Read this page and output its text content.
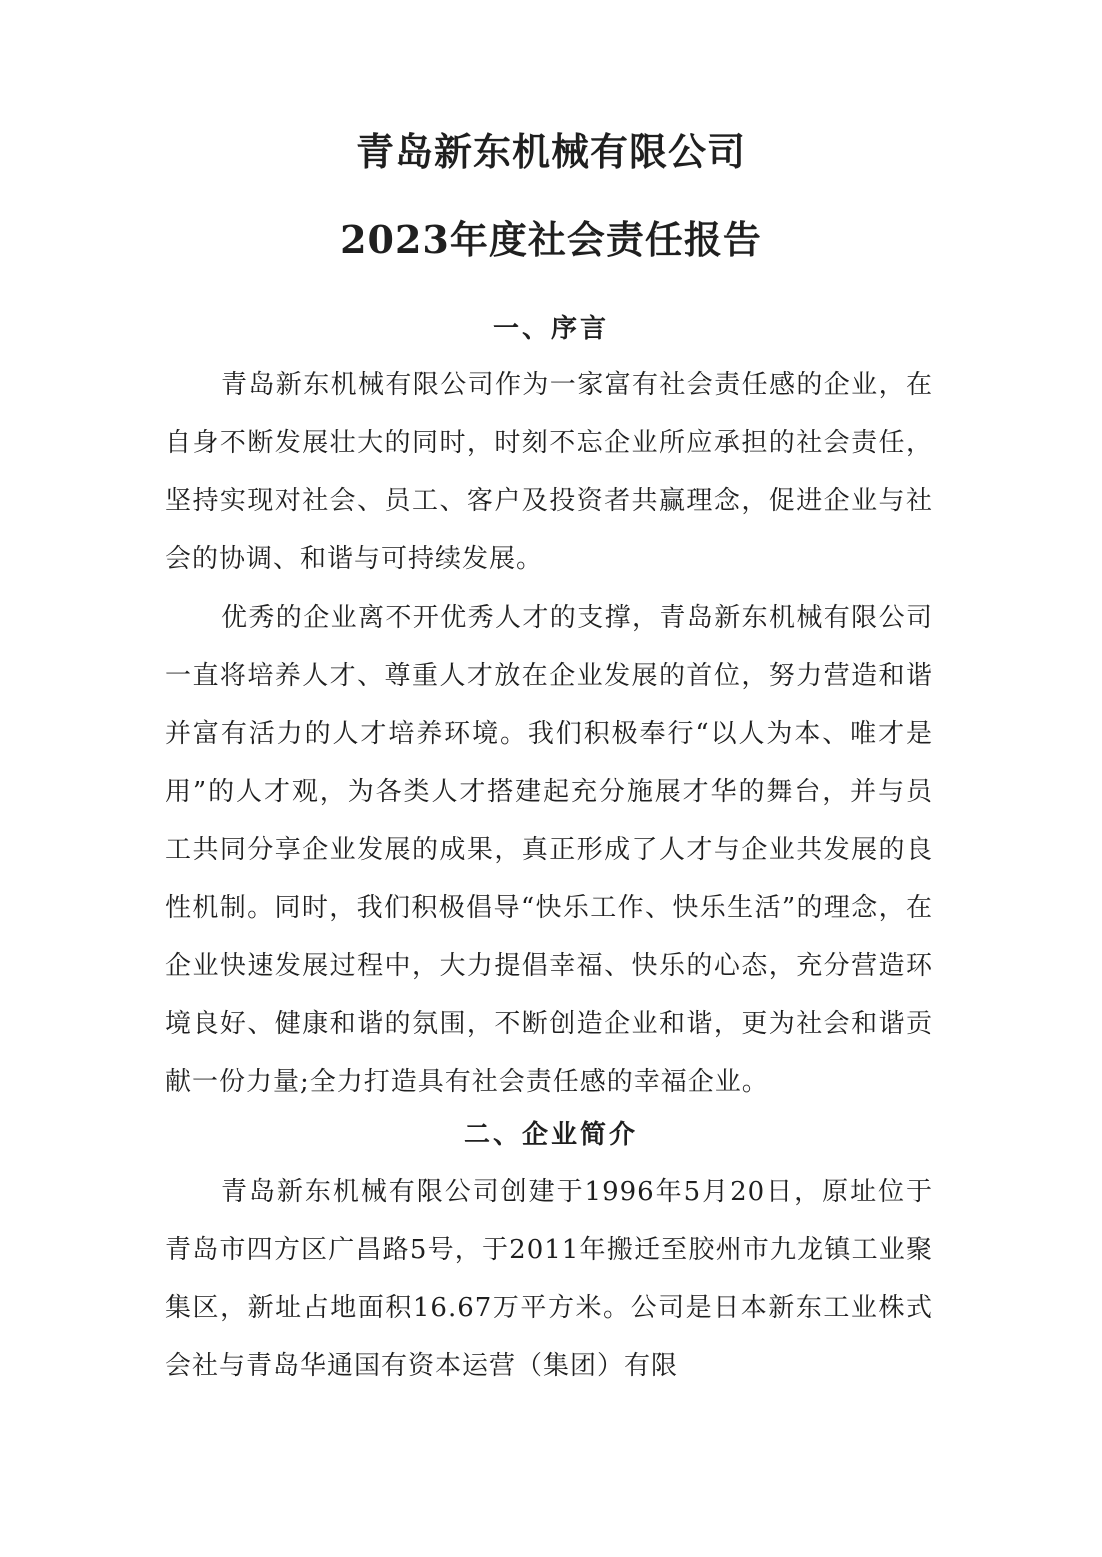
青岛新东机械有限公司
2023年度社会责任报告
一、序言

青岛新东机械有限公司作为一家富有社会责任感的企业，在自身不断发展壮大的同时，时刻不忘企业所应承担的社会责任，坚持实现对社会、员工、客户及投资者共赢理念，促进企业与社会的协调、和谐与可持续发展。

优秀的企业离不开优秀人才的支撑，青岛新东机械有限公司一直将培养人才、尊重人才放在企业发展的首位，努力营造和谐并富有活力的人才培养环境。我们积极奉行“以人为本、唯才是用”的人才观，为各类人才搭建起充分施展才华的舞台，并与员工共同分享企业发展的成果，真正形成了人才与企业共发展的良性机制。同时，我们积极倡导“快乐工作、快乐生活”的理念，在企业快速发展过程中，大力提倡幸福、快乐的心态，充分营造环境良好、健康和谐的氛围，不断创造企业和谐，更为社会和谐贡献一份力量;全力打造具有社会责任感的幸福企业。

二、企业简介

青岛新东机械有限公司创建于1996年5月20日，原址位于青岛市四方区广昌路5号，于2011年搬迁至胶州市九龙镇工业聚集区，新址占地面积16.67万平方米。公司是日本新东工业株式会社与青岛华通国有资本运营（集团）有限
